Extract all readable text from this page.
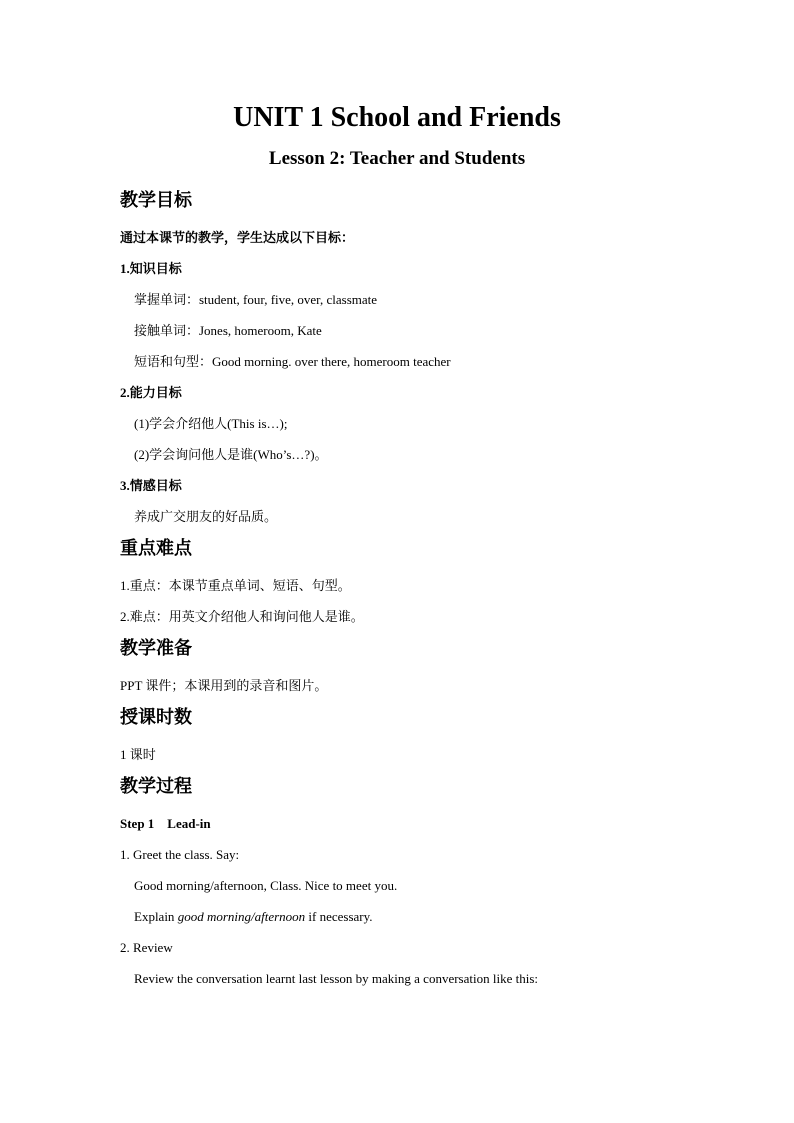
UNIT 1 School and Friends
Lesson 2: Teacher and Students
教学目标
通过本课节的教学，学生达成以下目标：
1.知识目标
掌握单词：student, four, five, over, classmate
接触单词：Jones, homeroom, Kate
短语和句型：Good morning. over there, homeroom teacher
2.能力目标
(1)学会介绍他人(This is…);
(2)学会询问他人是谁(Who’s…?)。
3.情感目标
养成广交朋友的好品质。
重点难点
1.重点：本课节重点单词、短语、句型。
2.难点：用英文介绍他人和询问他人是谁。
教学准备
PPT 课件；本课用到的录音和图片。
授课时数
1 课时
教学过程
Step 1    Lead-in
1. Greet the class. Say:
Good morning/afternoon, Class. Nice to meet you.
Explain good morning/afternoon if necessary.
2. Review
Review the conversation learnt last lesson by making a conversation like this:
